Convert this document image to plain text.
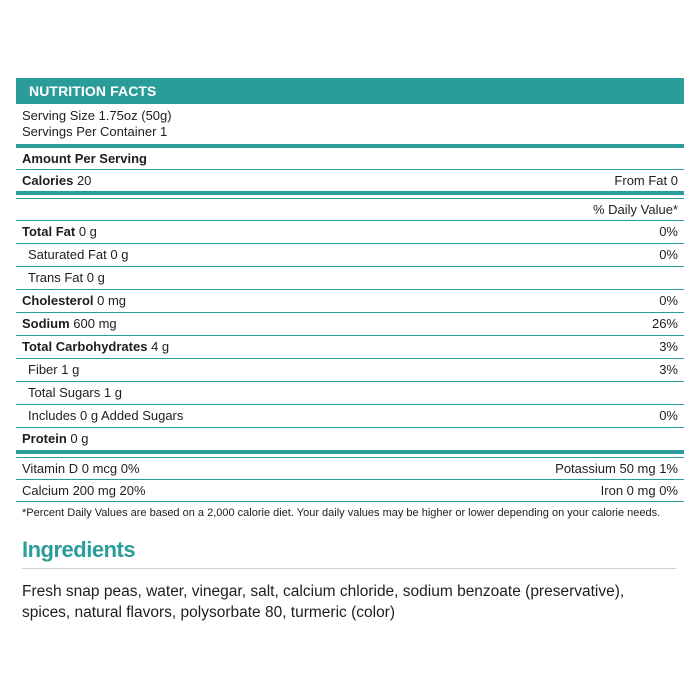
NUTRITION FACTS
Serving Size 1.75oz (50g)
Servings Per Container 1
Amount Per Serving
Calories 20	From Fat 0
% Daily Value*
Total Fat 0 g	0%
Saturated Fat 0 g	0%
Trans Fat 0 g
Cholesterol 0 mg	0%
Sodium 600 mg	26%
Total Carbohydrates 4 g	3%
Fiber 1 g	3%
Total Sugars 1 g
Includes 0 g Added Sugars	0%
Protein 0 g
Vitamin D 0 mcg 0%	Potassium 50 mg 1%
Calcium 200 mg 20%	Iron 0 mg 0%
*Percent Daily Values are based on a 2,000 calorie diet. Your daily values may be higher or lower depending on your calorie needs.
Ingredients
Fresh snap peas, water, vinegar, salt, calcium chloride, sodium benzoate (preservative), spices, natural flavors, polysorbate 80, turmeric (color)
